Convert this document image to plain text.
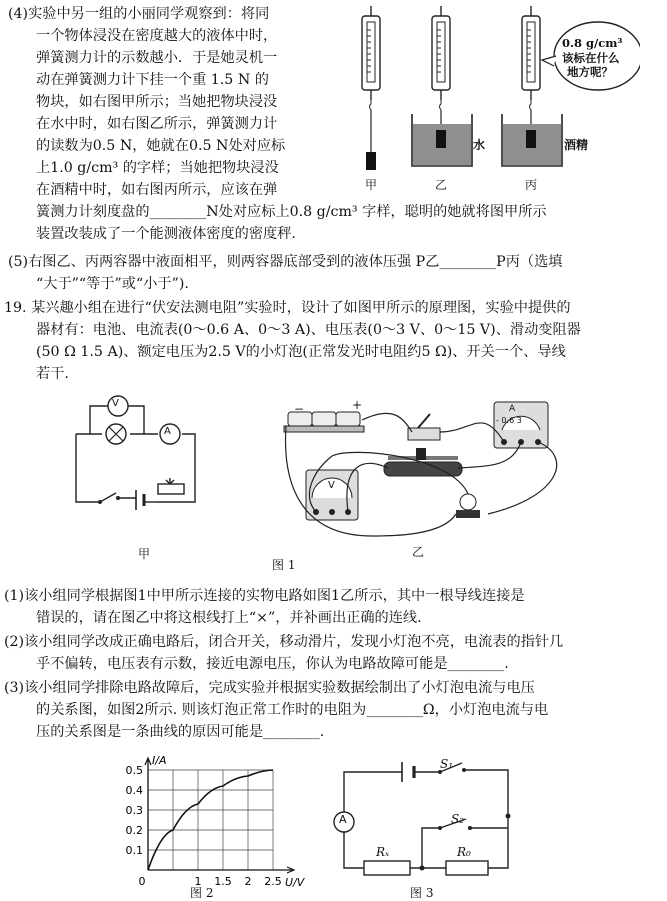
(4)实验中另一组的小丽同学观察到：将同
一个物体浸没在密度越大的液体中时，
弹簧测力计的示数越小．于是她灵机一
动在弹簧测力计下挂一个重 1.5 N 的
物块，如右图甲所示；当她把物块浸没
在水中时，如右图乙所示，弹簧测力计
的读数为0.5 N，她就在0.5 N处对应标
上1.0 g/cm³ 的字样；当她把物块浸没
在酒精中时，如右图丙所示，应该在弹
簧测力计刻度盘的________N处对应标上0.8 g/cm³ 字样，聪明的她就将图甲所示
装置改装成了一个能测液体密度的密度秤.
0.8 g/cm³
该标在什么
地方呢？
水	酒精
甲	乙	丙
(5)右图乙、丙两容器中液面相平，则两容器底部受到的液体压强 P乙________P丙（选填
“大于”“等于”或“小于”).
19. 某兴趣小组在进行“伏安法测电阻”实验时，设计了如图甲所示的原理图，实验中提供的
器材有：电池、电流表(0～0.6 A、0～3 A)、电压表(0～3 V、0～15 V)、滑动变阻器
(50 Ω 1.5 A)、额定电压为2.5 V的小灯泡(正常发光时电阻约5 Ω)、开关一个、导线
若干.
V
A
甲
−	+	A
- 0.6 3
V
图 1
乙
(1)该小组同学根据图1中甲所示连接的实物电路如图1乙所示，其中一根导线连接是
错误的，请在图乙中将这根线打上“×”，并补画出正确的连线.
(2)该小组同学改成正确电路后，闭合开关，移动滑片，发现小灯泡不亮，电流表的指针几
乎不偏转，电压表有示数，接近电源电压，你认为电路故障可能是________.
(3)该小组同学排除电路故障后，完成实验并根据实验数据绘制出了小灯泡电流与电压
的关系图，如图2所示. 则该灯泡正常工作时的电阻为________Ω，小灯泡电流与电
压的关系图是一条曲线的原因可能是________.
0.1
0.2
0.3
0.4
0.5
0	1 1.5 2 2.5
I/A
U/V
图 2
A
S₁
S₂
Rₓ	R₀
图 3
